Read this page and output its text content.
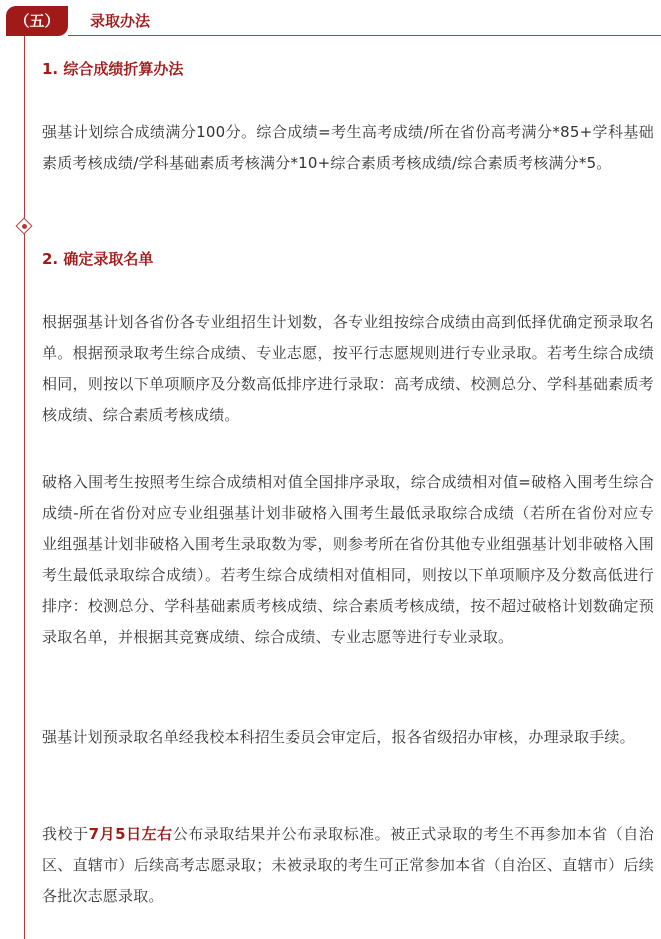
（五）	录取办法
1. 综合成绩折算办法
强基计划综合成绩满分100分。综合成绩=考生高考成绩/所在省份高考满分*85+学科基础素质考核成绩/学科基础素质考核满分*10+综合素质考核成绩/综合素质考核满分*5。
2. 确定录取名单
根据强基计划各省份各专业组招生计划数，各专业组按综合成绩由高到低择优确定预录取名单。根据预录取考生综合成绩、专业志愿，按平行志愿规则进行专业录取。若考生综合成绩相同，则按以下单项顺序及分数高低排序进行录取：高考成绩、校测总分、学科基础素质考核成绩、综合素质考核成绩。
破格入围考生按照考生综合成绩相对值全国排序录取，综合成绩相对值=破格入围考生综合成绩-所在省份对应专业组强基计划非破格入围考生最低录取综合成绩（若所在省份对应专业组强基计划非破格入围考生录取数为零，则参考所在省份其他专业组强基计划非破格入围考生最低录取综合成绩）。若考生综合成绩相对值相同，则按以下单项顺序及分数高低进行排序：校测总分、学科基础素质考核成绩、综合素质考核成绩，按不超过破格计划数确定预录取名单，并根据其竞赛成绩、综合成绩、专业志愿等进行专业录取。
强基计划预录取名单经我校本科招生委员会审定后，报各省级招办审核，办理录取手续。
我校于7月5日左右公布录取结果并公布录取标准。被正式录取的考生不再参加本省（自治区、直辖市）后续高考志愿录取；未被录取的考生可正常参加本省（自治区、直辖市）后续各批次志愿录取。
